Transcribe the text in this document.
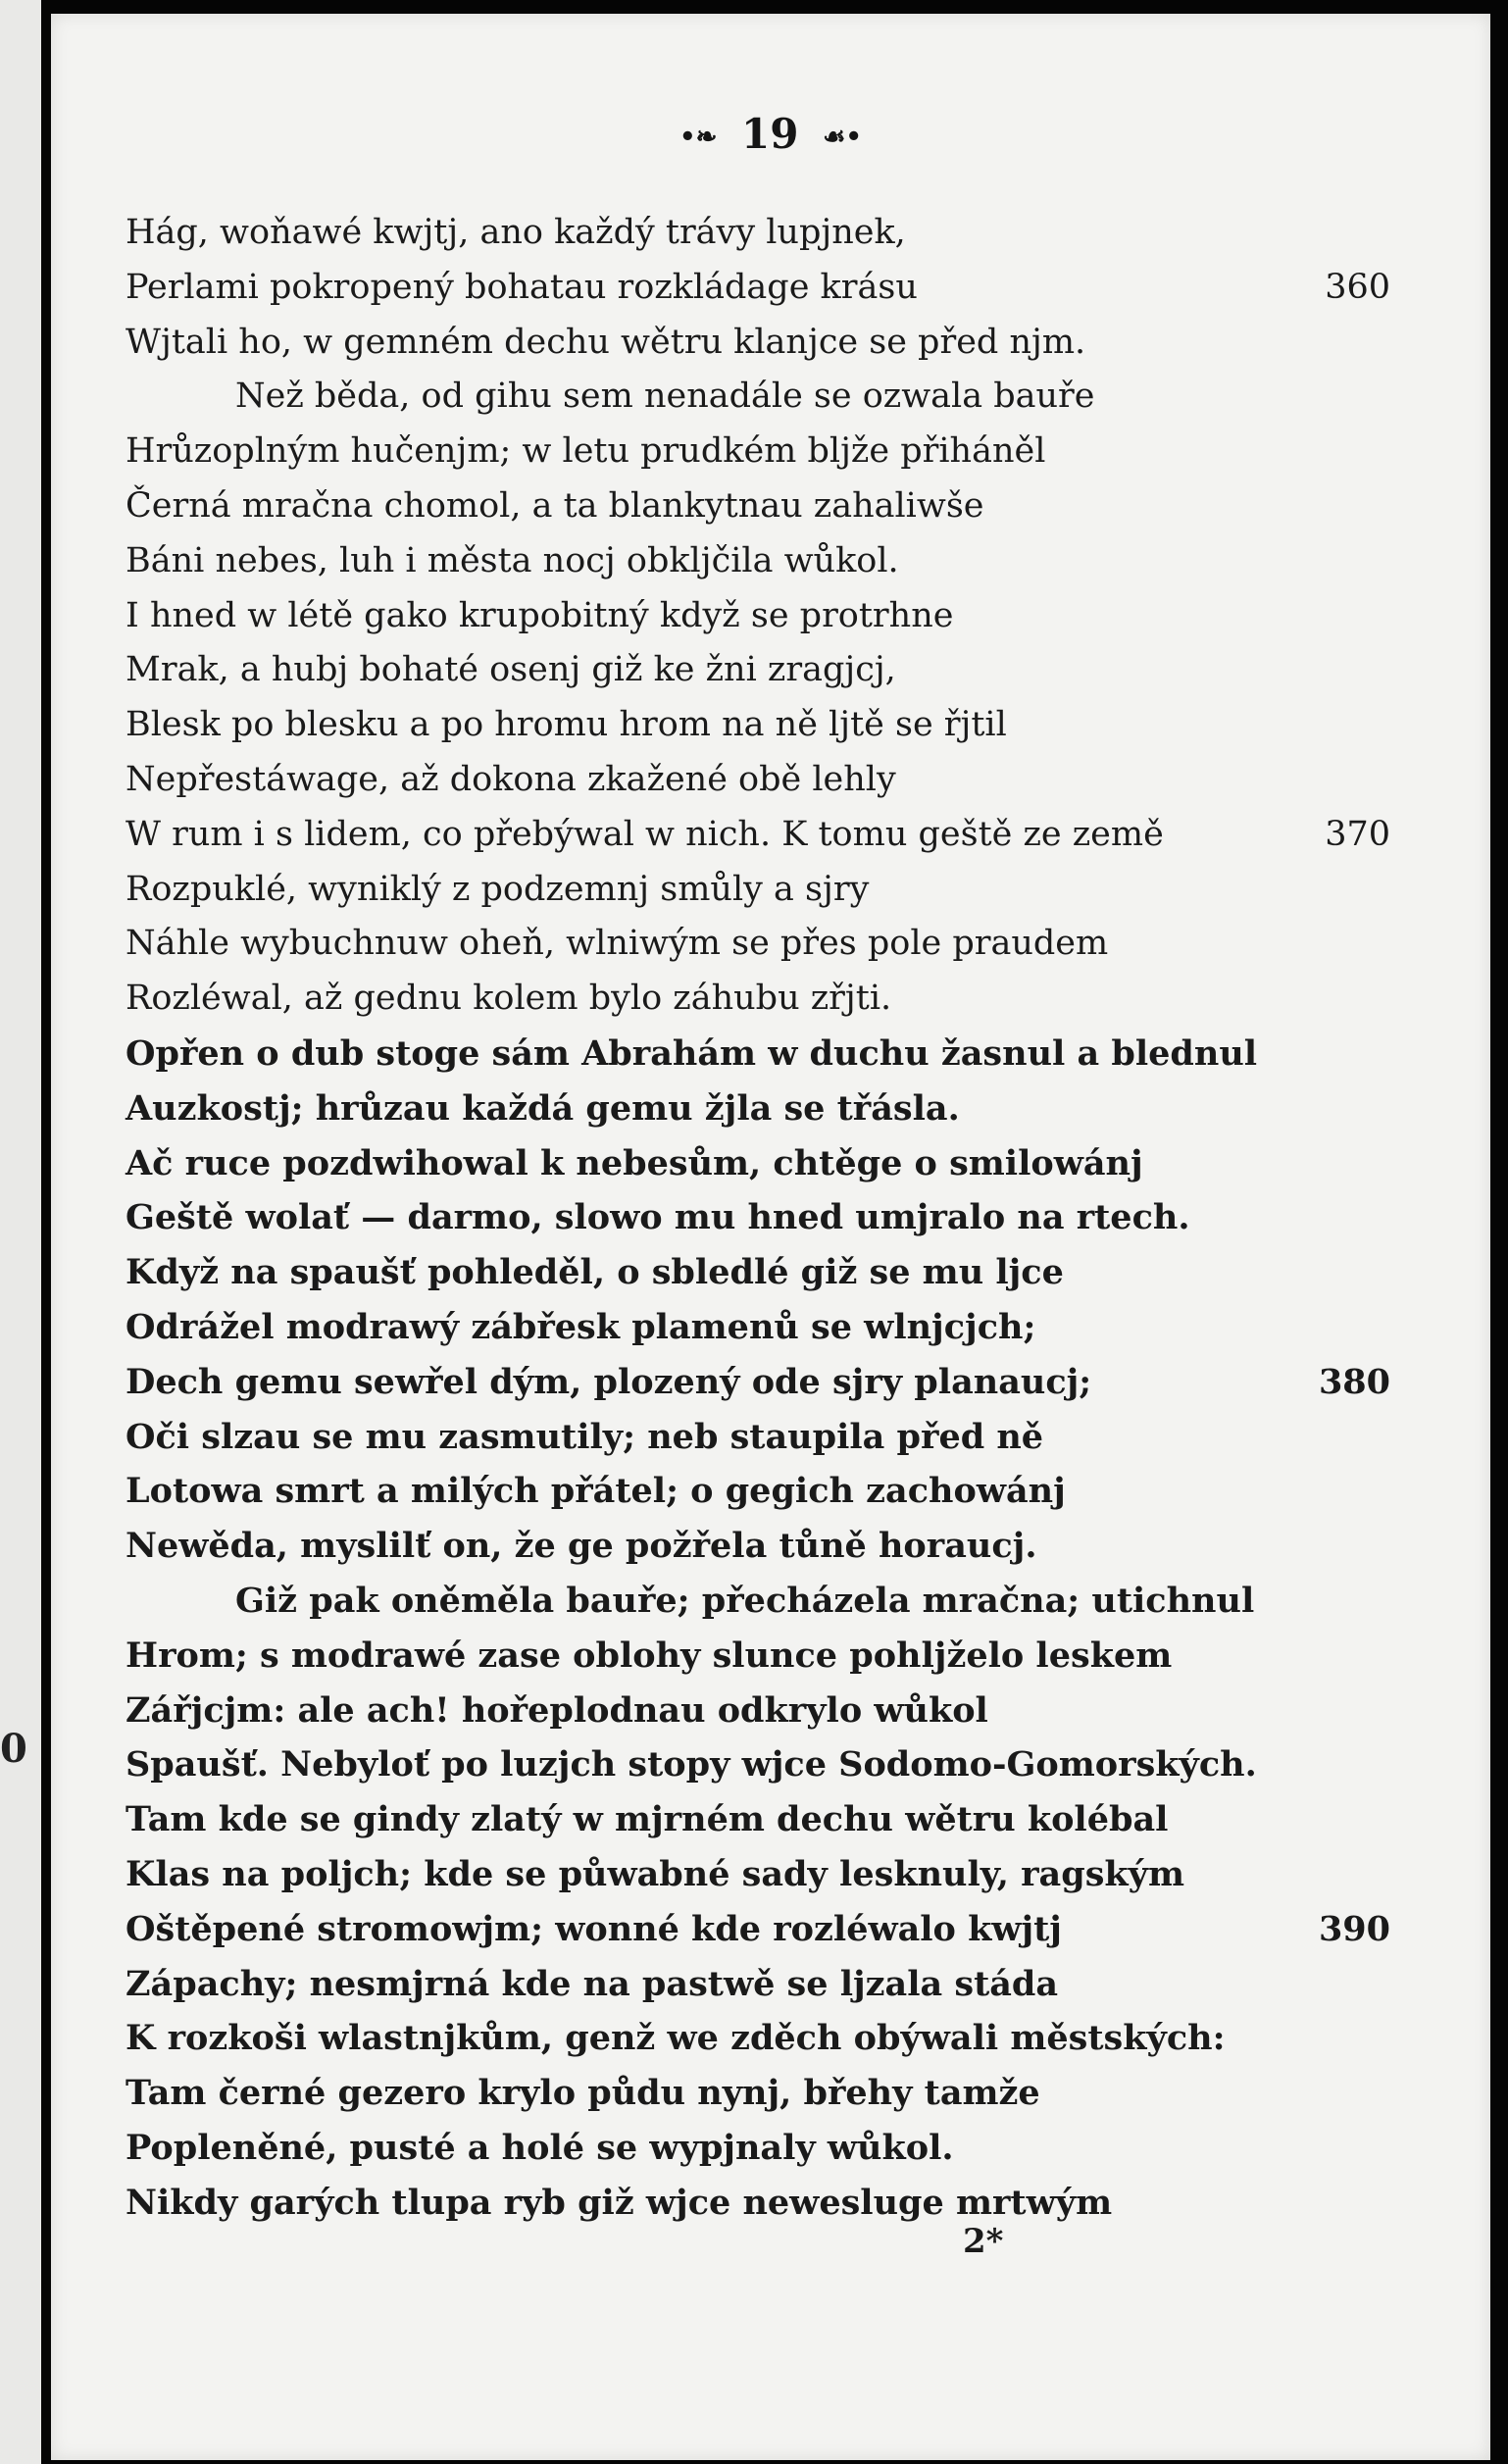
0
•❧ 19 ☙•
Hág, woňawé kwjtj, ano každý trávy lupjnek,
Perlami pokropený bohatau rozkládage krásu	360
Wjtali ho, w gemném dechu wětru klanjce se před njm.
Než běda, od gihu sem nenadále se ozwala bauře
Hrůzoplným hučenjm; w letu prudkém bljže přiháněl
Černá mračna chomol, a ta blankytnau zahaliwše
Báni nebes, luh i města nocj obkljčila wůkol.
I hned w létě gako krupobitný když se protrhne
Mrak, a hubj bohaté osenj giž ke žni zragjcj,
Blesk po blesku a po hromu hrom na ně ljtě se řjtil
Nepřestáwage, až dokona zkažené obě lehly
W rum i s lidem, co přebýwal w nich. K tomu geště ze země	370
Rozpuklé, wyniklý z podzemnj smůly a sjry
Náhle wybuchnuw oheň, wlniwým se přes pole praudem
Rozléwal, až gednu kolem bylo záhubu zřjti.
Opřen o dub stoge sám Abrahám w duchu žasnul a blednul
Auzkostj; hrůzau každá gemu žjla se třásla.
Ač ruce pozdwihowal k nebesům, chtěge o smilowánj
Geště wolať — darmo, slowo mu hned umjralo na rtech.
Když na spaušť pohleděl, o sbledlé giž se mu ljce
Odrážel modrawý zábřesk plamenů se wlnjcjch;
Dech gemu sewřel dým, plozený ode sjry planaucj;	380
Oči slzau se mu zasmutily; neb staupila před ně
Lotowa smrt a milých přátel; o gegich zachowánj
Newěda, myslilť on, že ge požřela tůně horaucj.
Giž pak oněměla bauře; přecházela mračna; utichnul
Hrom; s modrawé zase oblohy slunce pohljželo leskem
Zářjcjm: ale ach! hořeplodnau odkrylo wůkol
Spaušť. Nebyloť po luzjch stopy wjce Sodomo-Gomorských.
Tam kde se gindy zlatý w mjrném dechu wětru kolébal
Klas na poljch; kde se půwabné sady lesknuly, ragským
Oštěpené stromowjm; wonné kde rozléwalo kwjtj	390
Zápachy; nesmjrná kde na pastwě se ljzala stáda
K rozkoši wlastnjkům, genž we zděch obýwali městských:
Tam černé gezero krylo půdu nynj, břehy tamže
Popleněné, pusté a holé se wypjnaly wůkol.
Nikdy garých tlupa ryb giž wjce newesluge mrtwým
2*
